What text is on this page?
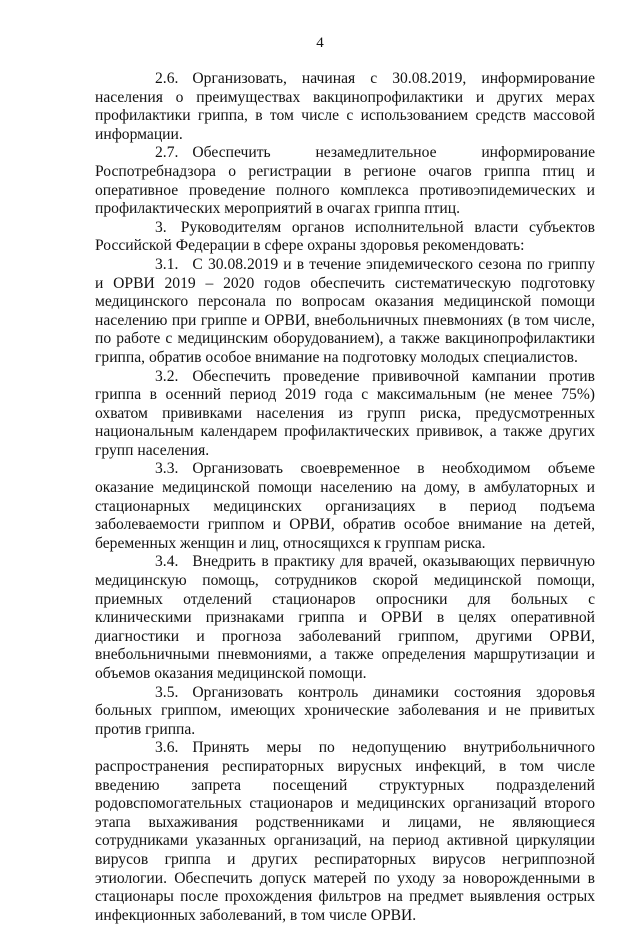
4

2.6. Организовать, начиная с 30.08.2019, информирование населения о преимуществах вакцинопрофилактики и других мерах профилактики гриппа, в том числе с использованием средств массовой информации.

2.7. Обеспечить незамедлительное информирование Роспотребнадзора о регистрации в регионе очагов гриппа птиц и оперативное проведение полного комплекса противоэпидемических и профилактических мероприятий в очагах гриппа птиц.

3. Руководителям органов исполнительной власти субъектов Российской Федерации в сфере охраны здоровья рекомендовать:

3.1. С 30.08.2019 и в течение эпидемического сезона по гриппу и ОРВИ 2019 – 2020 годов обеспечить систематическую подготовку медицинского персонала по вопросам оказания медицинской помощи населению при гриппе и ОРВИ, внебольничных пневмониях (в том числе, по работе с медицинским оборудованием), а также вакцинопрофилактики гриппа, обратив особое внимание на подготовку молодых специалистов.

3.2. Обеспечить проведение прививочной кампании против гриппа в осенний период 2019 года с максимальным (не менее 75%) охватом прививками населения из групп риска, предусмотренных национальным календарем профилактических прививок, а также других групп населения.

3.3. Организовать своевременное в необходимом объеме оказание медицинской помощи населению на дому, в амбулаторных и стационарных медицинских организациях в период подъема заболеваемости гриппом и ОРВИ, обратив особое внимание на детей, беременных женщин и лиц, относящихся к группам риска.

3.4. Внедрить в практику для врачей, оказывающих первичную медицинскую помощь, сотрудников скорой медицинской помощи, приемных отделений стационаров опросники для больных с клиническими признаками гриппа и ОРВИ в целях оперативной диагностики и прогноза заболеваний гриппом, другими ОРВИ, внебольничными пневмониями, а также определения маршрутизации и объемов оказания медицинской помощи.

3.5. Организовать контроль динамики состояния здоровья больных гриппом, имеющих хронические заболевания и не привитых против гриппа.

3.6. Принять меры по недопущению внутрибольничного распространения респираторных вирусных инфекций, в том числе введению запрета посещений структурных подразделений родовспомогательных стационаров и медицинских организаций второго этапа выхаживания родственниками и лицами, не являющиеся сотрудниками указанных организаций, на период активной циркуляции вирусов гриппа и других респираторных вирусов негриппозной этиологии. Обеспечить допуск матерей по уходу за новорожденными в стационары после прохождения фильтров на предмет выявления острых инфекционных заболеваний, в том числе ОРВИ.
